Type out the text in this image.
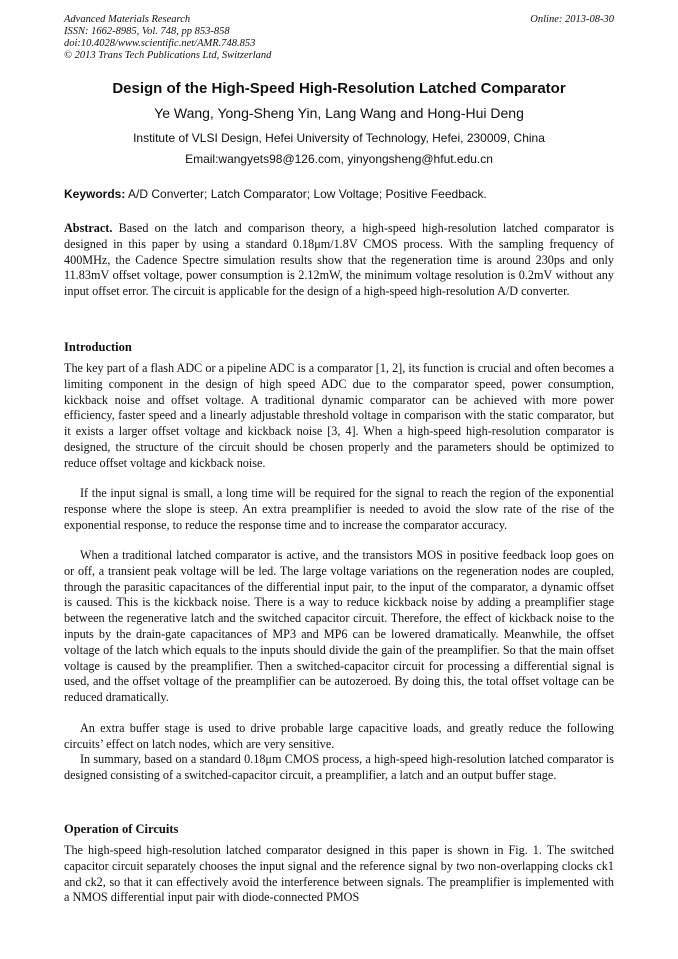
Advanced Materials Research
ISSN: 1662-8985, Vol. 748, pp 853-858
doi:10.4028/www.scientific.net/AMR.748.853
© 2013 Trans Tech Publications Ltd, Switzerland
Online: 2013-08-30
Design of the High-Speed High-Resolution Latched Comparator
Ye Wang, Yong-Sheng Yin, Lang Wang and Hong-Hui Deng
Institute of VLSI Design, Hefei University of Technology, Hefei, 230009, China
Email:wangyets98@126.com, yinyongsheng@hfut.edu.cn
Keywords: A/D Converter; Latch Comparator; Low Voltage; Positive Feedback.
Abstract. Based on the latch and comparison theory, a high-speed high-resolution latched comparator is designed in this paper by using a standard 0.18μm/1.8V CMOS process. With the sampling frequency of 400MHz, the Cadence Spectre simulation results show that the regeneration time is around 230ps and only 11.83mV offset voltage, power consumption is 2.12mW, the minimum voltage resolution is 0.2mV without any input offset error. The circuit is applicable for the design of a high-speed high-resolution A/D converter.
Introduction
The key part of a flash ADC or a pipeline ADC is a comparator [1, 2], its function is crucial and often becomes a limiting component in the design of high speed ADC due to the comparator speed, power consumption, kickback noise and offset voltage. A traditional dynamic comparator can be achieved with more power efficiency, faster speed and a linearly adjustable threshold voltage in comparison with the static comparator, but it exists a larger offset voltage and kickback noise [3, 4]. When a high-speed high-resolution comparator is designed, the structure of the circuit should be chosen properly and the parameters should be optimized to reduce offset voltage and kickback noise.
If the input signal is small, a long time will be required for the signal to reach the region of the exponential response where the slope is steep. An extra preamplifier is needed to avoid the slow rate of the rise of the exponential response, to reduce the response time and to increase the comparator accuracy.
When a traditional latched comparator is active, and the transistors MOS in positive feedback loop goes on or off, a transient peak voltage will be led. The large voltage variations on the regeneration nodes are coupled, through the parasitic capacitances of the differential input pair, to the input of the comparator, a dynamic offset is caused. This is the kickback noise. There is a way to reduce kickback noise by adding a preamplifier stage between the regenerative latch and the switched capacitor circuit. Therefore, the effect of kickback noise to the inputs by the drain-gate capacitances of MP3 and MP6 can be lowered dramatically. Meanwhile, the offset voltage of the latch which equals to the inputs should divide the gain of the preamplifier. So that the main offset voltage is caused by the preamplifier. Then a switched-capacitor circuit for processing a differential signal is used, and the offset voltage of the preamplifier can be autozeroed. By doing this, the total offset voltage can be reduced dramatically.
An extra buffer stage is used to drive probable large capacitive loads, and greatly reduce the following circuits’ effect on latch nodes, which are very sensitive.
In summary, based on a standard 0.18μm CMOS process, a high-speed high-resolution latched comparator is designed consisting of a switched-capacitor circuit, a preamplifier, a latch and an output buffer stage.
Operation of Circuits
The high-speed high-resolution latched comparator designed in this paper is shown in Fig. 1. The switched capacitor circuit separately chooses the input signal and the reference signal by two non-overlapping clocks ck1 and ck2, so that it can effectively avoid the interference between signals. The preamplifier is implemented with a NMOS differential input pair with diode-connected PMOS
